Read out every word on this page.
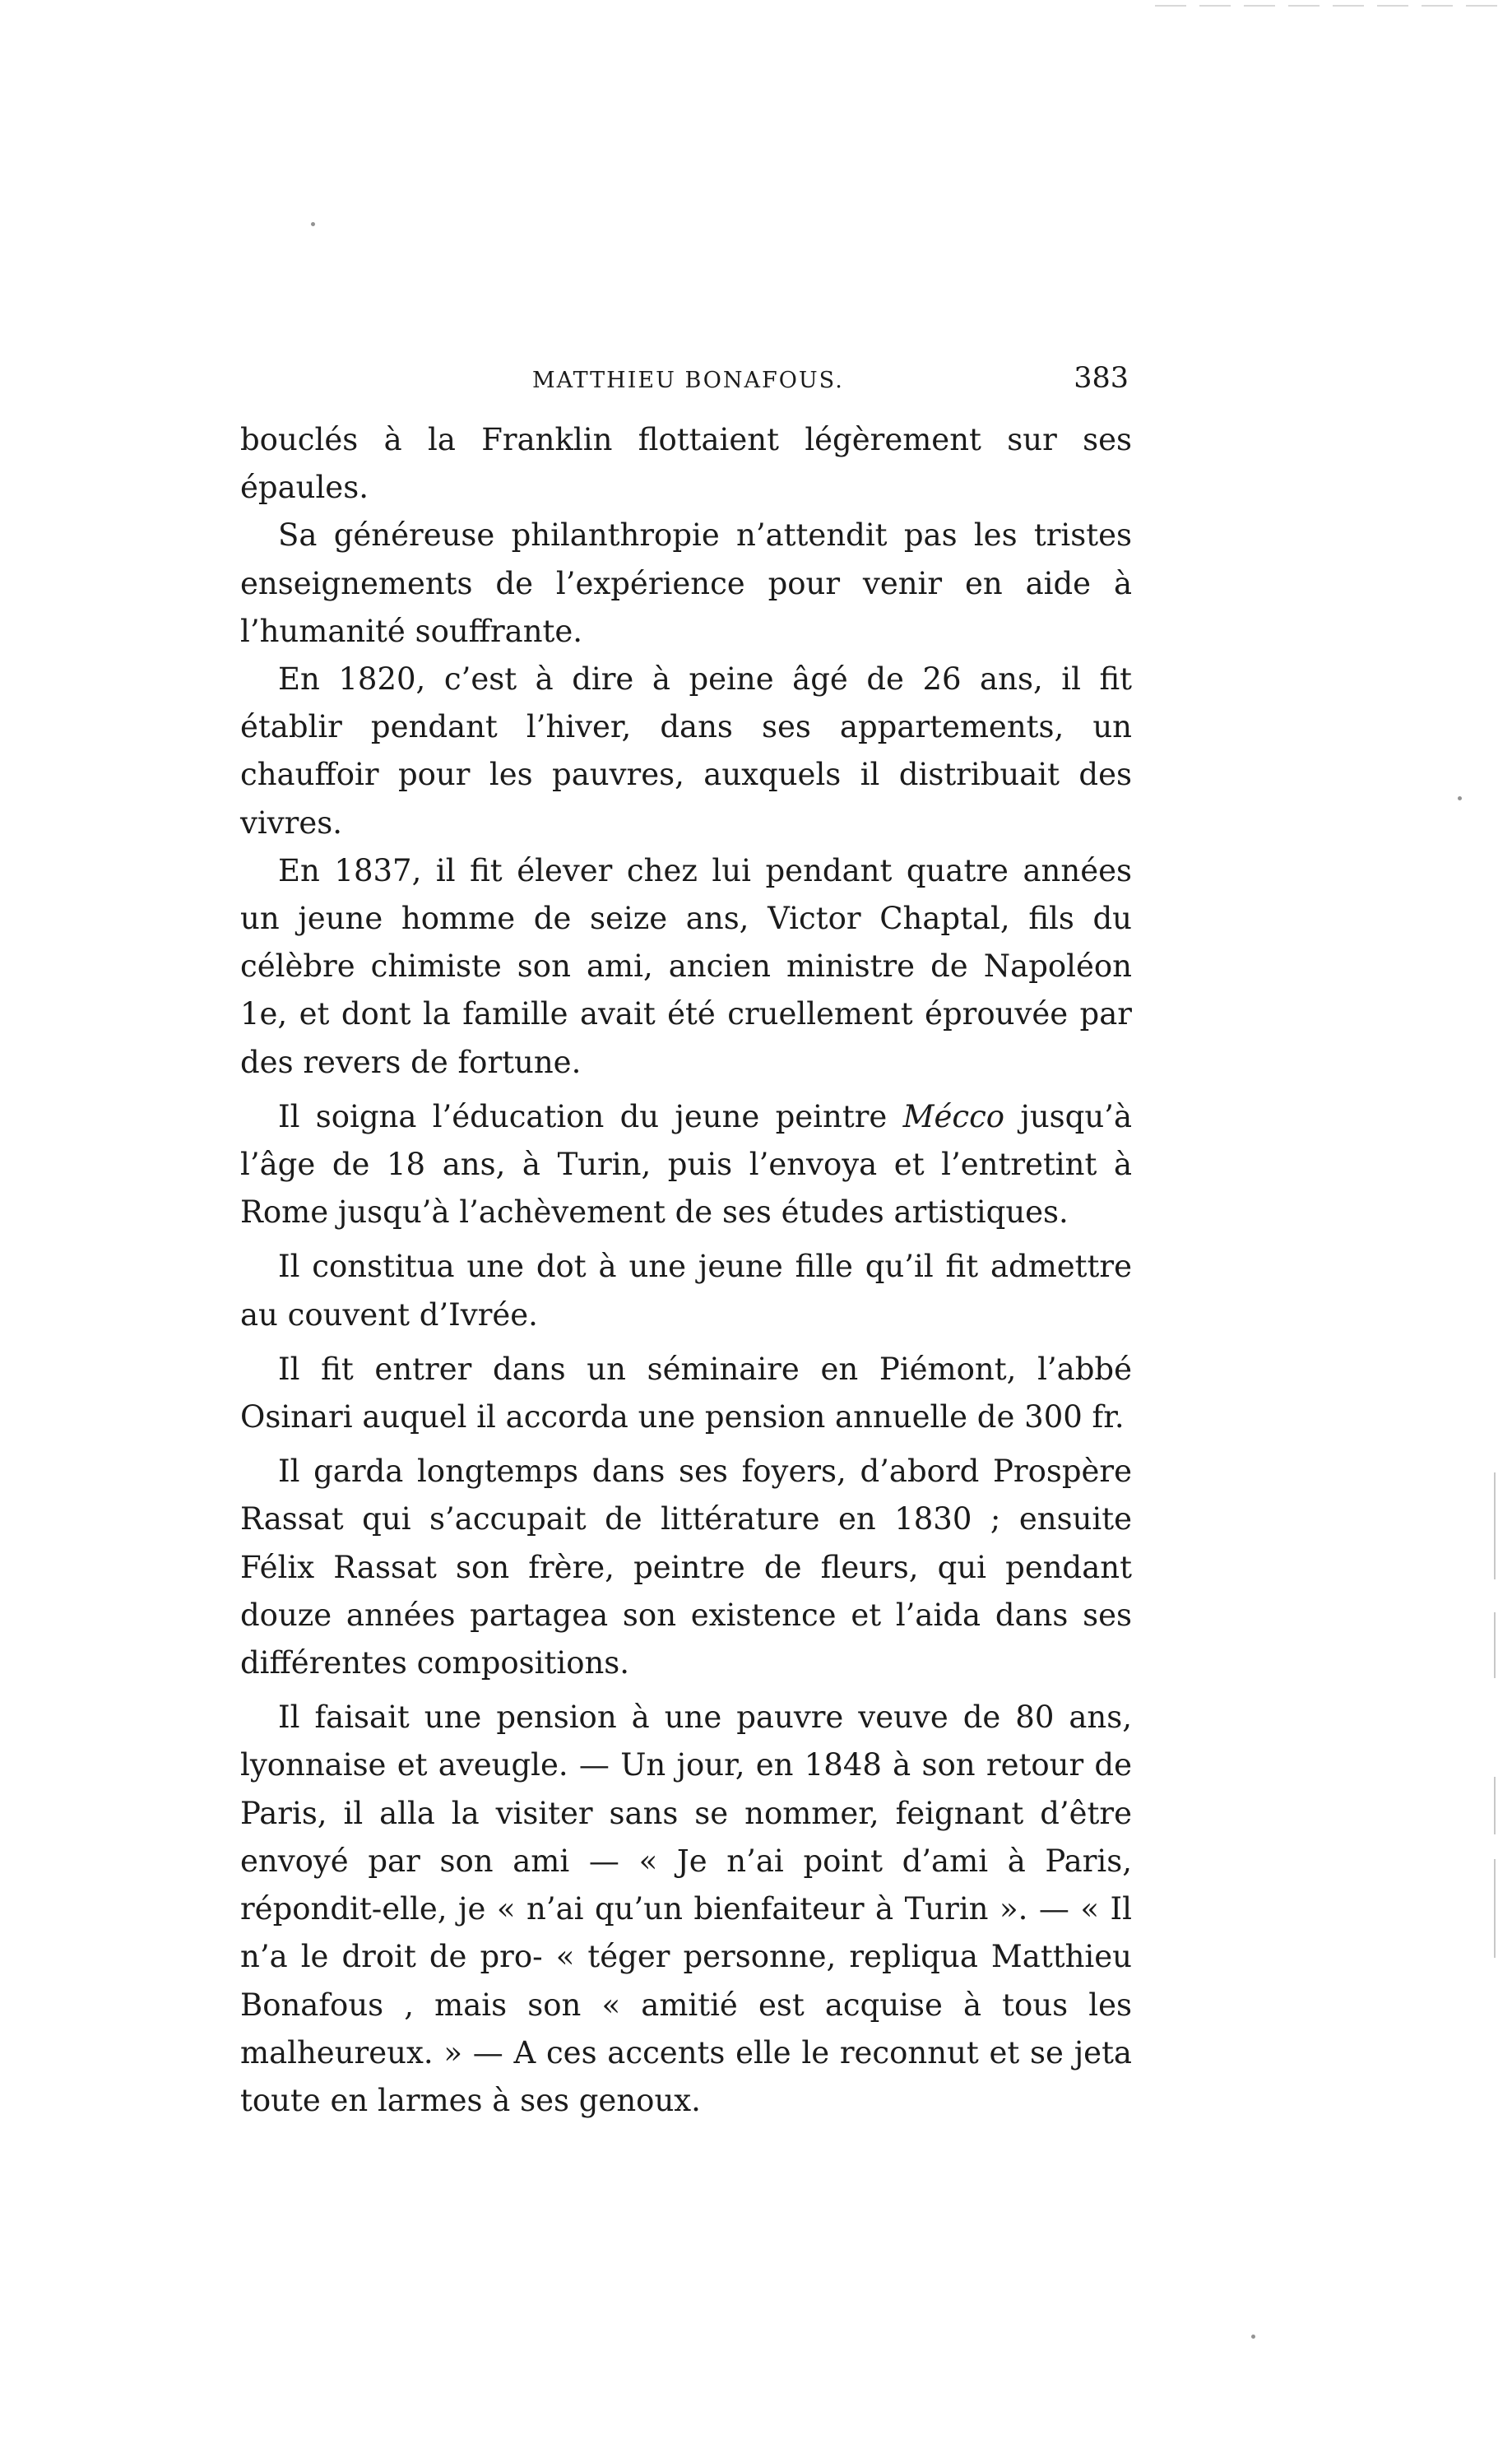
MATTHIEU BONAFOUS.	383

bouclés à la Franklin flottaient légèrement sur ses épaules.

Sa généreuse philanthropie n’attendit pas les tristes enseignements de l’expérience pour venir en aide à l’humanité souffrante.

En 1820, c’est à dire à peine âgé de 26 ans, il fit établir pendant l’hiver, dans ses appartements, un chauffoir pour les pauvres, auxquels il distribuait des vivres.

En 1837, il fit élever chez lui pendant quatre années un jeune homme de seize ans, Victor Chaptal, fils du célèbre chimiste son ami, ancien ministre de Napoléon 1e, et dont la famille avait été cruellement éprouvée par des revers de fortune.

Il soigna l’éducation du jeune peintre Mécco jusqu’à l’âge de 18 ans, à Turin, puis l’envoya et l’entretint à Rome jusqu’à l’achèvement de ses études artistiques.

Il constitua une dot à une jeune fille qu’il fit admettre au couvent d’Ivrée.

Il fit entrer dans un séminaire en Piémont, l’abbé Osinari auquel il accorda une pension annuelle de 300 fr.

Il garda longtemps dans ses foyers, d’abord Prospère Rassat qui s’accupait de littérature en 1830 ; ensuite Félix Rassat son frère, peintre de fleurs, qui pendant douze années partagea son existence et l’aida dans ses différentes compositions.

Il faisait une pension à une pauvre veuve de 80 ans, lyonnaise et aveugle. — Un jour, en 1848 à son retour de Paris, il alla la visiter sans se nommer, feignant d’être envoyé par son ami — « Je n’ai point d’ami à Paris, répondit-elle, je « n’ai qu’un bienfaiteur à Turin ». — « Il n’a le droit de pro- « téger personne, repliqua Matthieu Bonafous , mais son « amitié est acquise à tous les malheureux. » — A ces accents elle le reconnut et se jeta toute en larmes à ses genoux.
